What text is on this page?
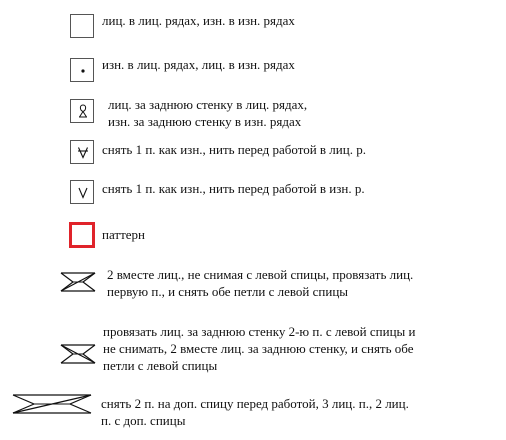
лиц. в лиц. рядах, изн. в изн. рядах
изн. в лиц. рядах, лиц. в изн. рядах
лиц. за заднюю стенку в лиц. рядах,
изн. за заднюю стенку в изн. рядах
снять 1 п. как изн., нить перед работой в лиц. р.
снять 1 п. как изн., нить перед работой в изн. р.
паттерн
2 вместе лиц., не снимая с левой спицы, провязать лиц.
первую п., и снять обе петли с левой спицы
провязать лиц. за заднюю стенку 2-ю п. с левой спицы и
не снимать, 2 вместе лиц. за заднюю стенку, и снять обе
петли с левой спицы
снять 2 п. на доп. спицу перед работой, 3 лиц. п., 2 лиц.
п. с доп. спицы
